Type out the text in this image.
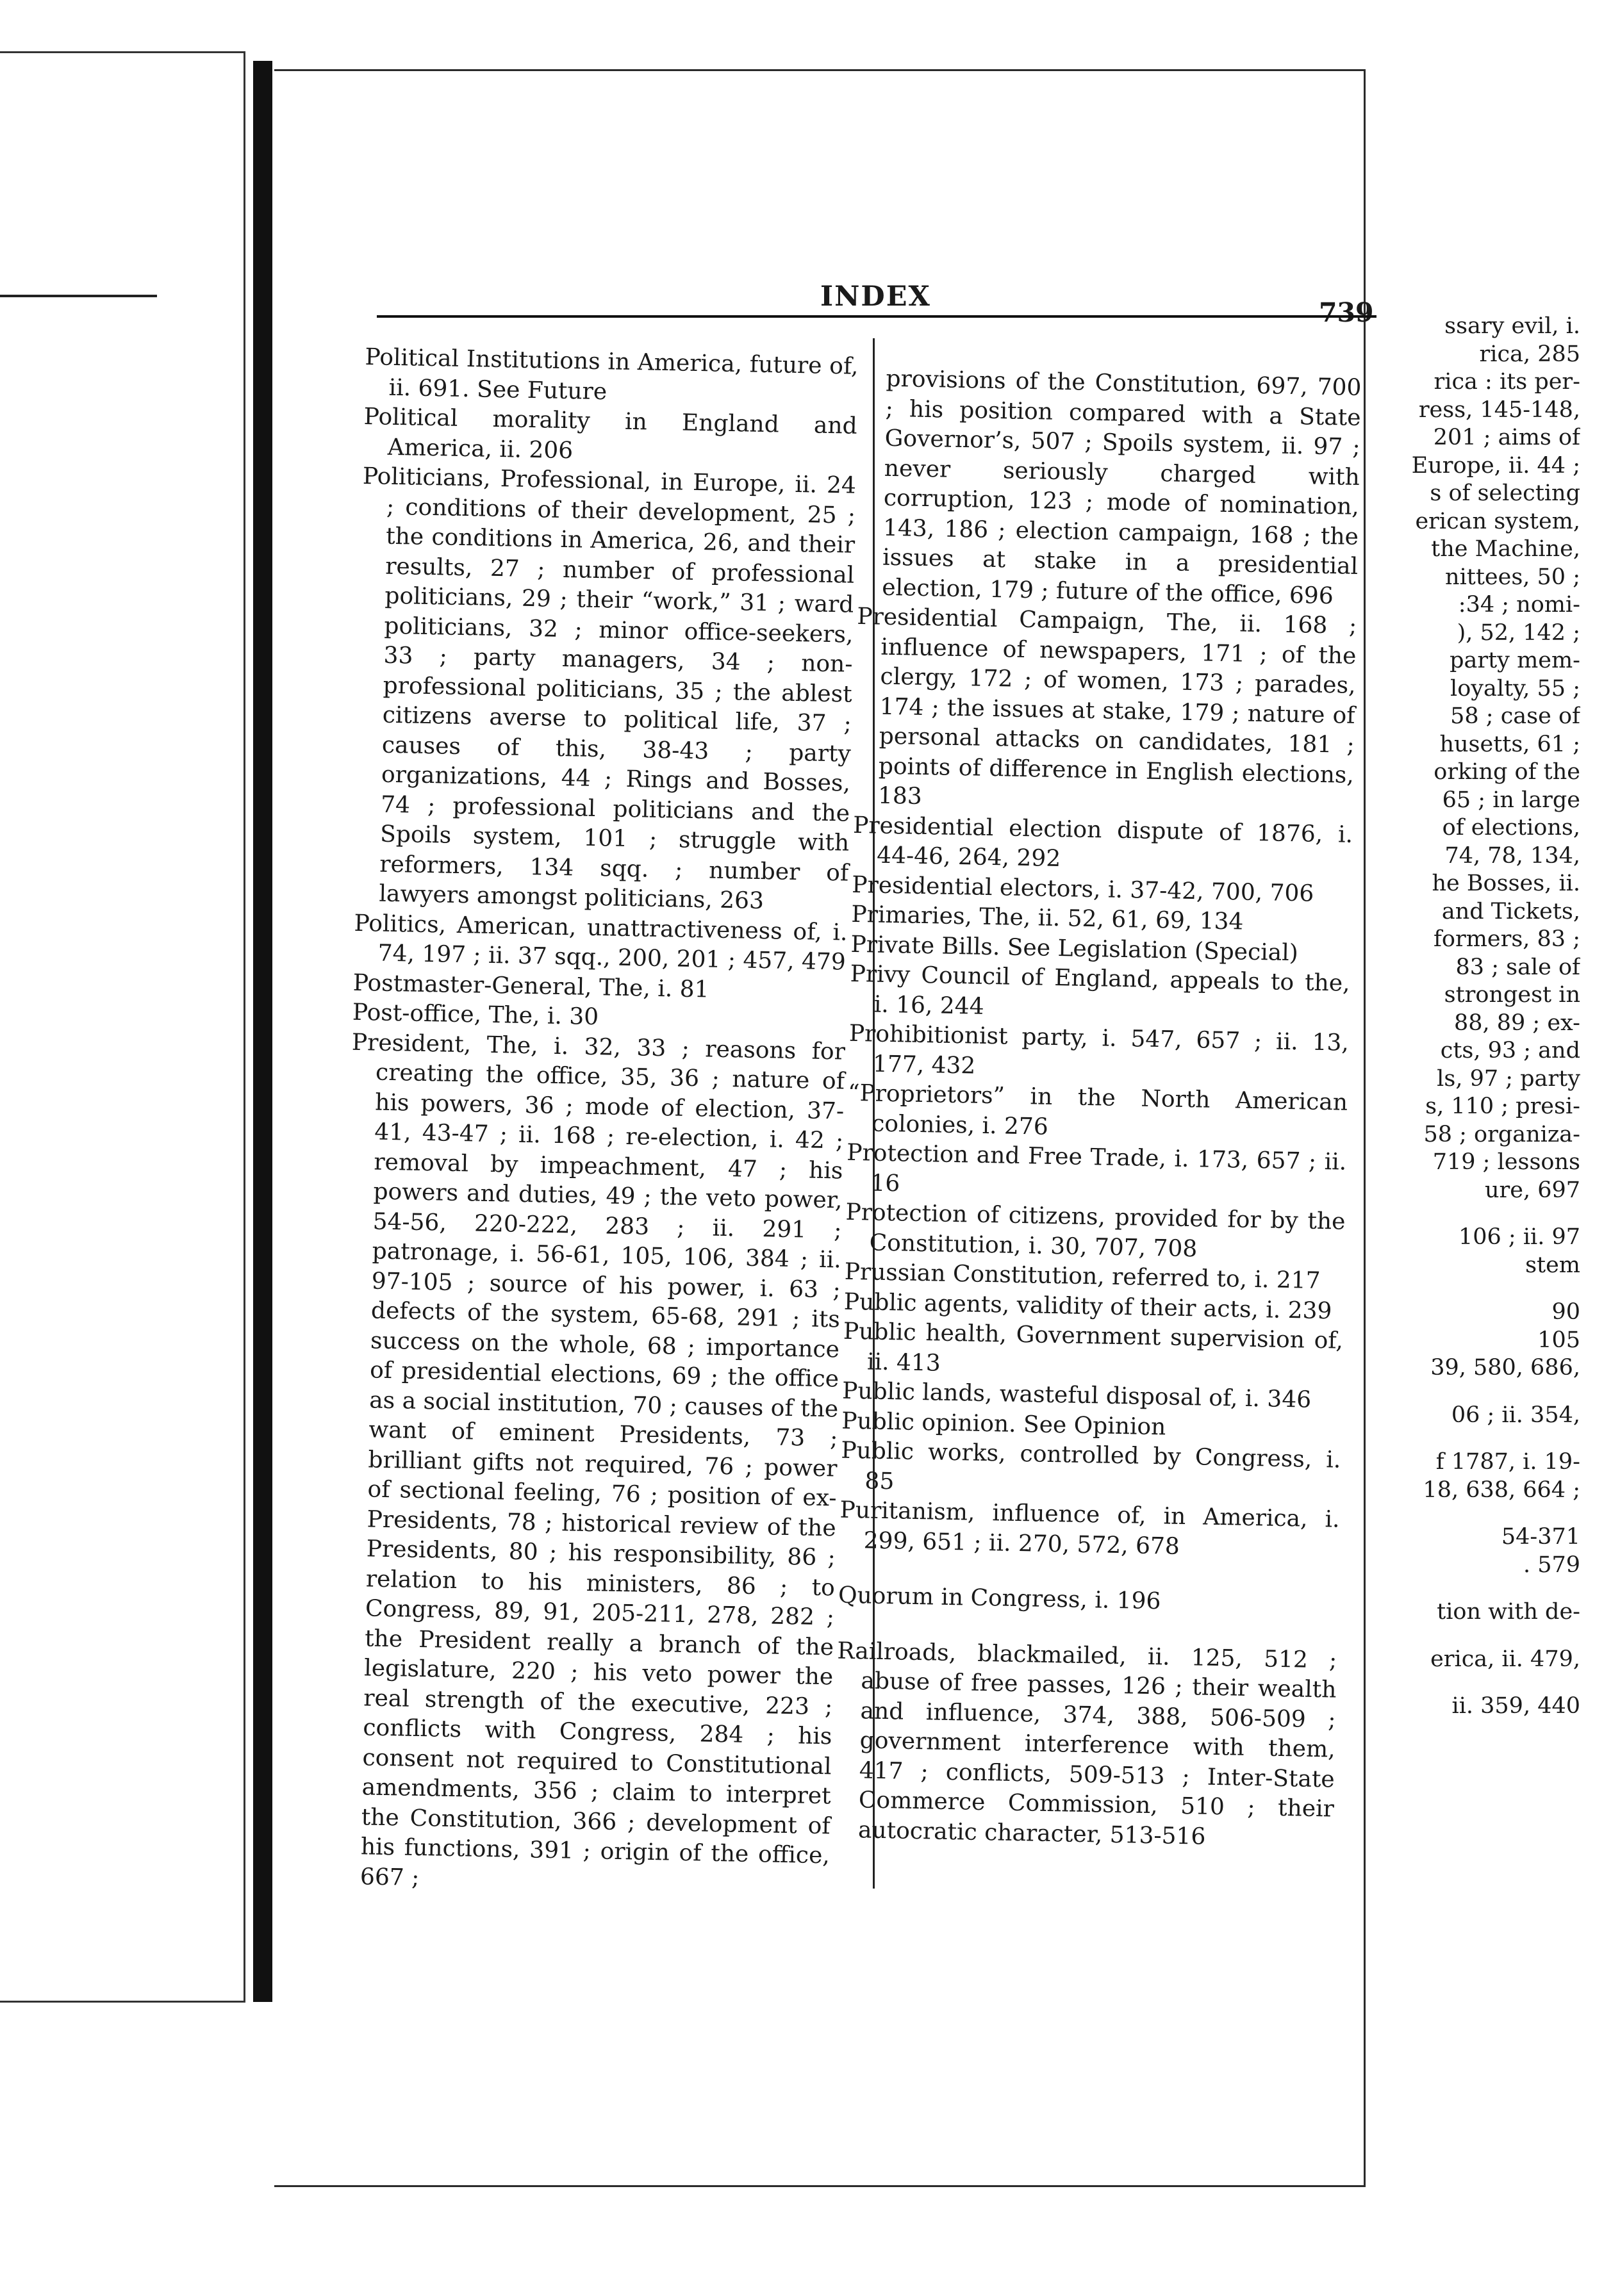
ssary evil, i.
rica, 285
rica : its per-
ress, 145-148,
201 ; aims of
Europe, ii. 44 ;
s of selecting
erican system,
the Machine,
nittees, 50 ;
:34 ; nomi-
), 52, 142 ;
party mem-
loyalty, 55 ;
58 ; case of
husetts, 61 ;
orking of the
65 ; in large
of elections,
74, 78, 134,
he Bosses, ii.
and Tickets,
formers, 83 ;
83 ; sale of
strongest in
88, 89 ; ex-
cts, 93 ; and
ls, 97 ; party
s, 110 ; presi-
58 ; organiza-
719 ; lessons
ure, 697
106 ; ii. 97
stem
90
105
39, 580, 686,
06 ; ii. 354,
f 1787, i. 19-
18, 638, 664 ;
54-371
. 579
tion with de-
erica, ii. 479,
ii. 359, 440
INDEX	739
Political Institutions in America, future of, ii. 691. See Future
Political morality in England and America, ii. 206
Politicians, Professional, in Europe, ii. 24 ; conditions of their development, 25 ; the conditions in America, 26, and their results, 27 ; number of professional politicians, 29 ; their “work,” 31 ; ward politicians, 32 ; minor office-seekers, 33 ; party managers, 34 ; non-professional politicians, 35 ; the ablest citizens averse to political life, 37 ; causes of this, 38-43 ; party organizations, 44 ; Rings and Bosses, 74 ; professional politicians and the Spoils system, 101 ; struggle with reformers, 134 sqq. ; number of lawyers amongst politicians, 263
Politics, American, unattractiveness of, i. 74, 197 ; ii. 37 sqq., 200, 201 ; 457, 479
Postmaster-General, The, i. 81
Post-office, The, i. 30
President, The, i. 32, 33 ; reasons for creating the office, 35, 36 ; nature of his powers, 36 ; mode of election, 37-41, 43-47 ; ii. 168 ; re-election, i. 42 ; removal by impeachment, 47 ; his powers and duties, 49 ; the veto power, 54-56, 220-222, 283 ; ii. 291 ; patronage, i. 56-61, 105, 106, 384 ; ii. 97-105 ; source of his power, i. 63 ; defects of the system, 65-68, 291 ; its success on the whole, 68 ; importance of presidential elections, 69 ; the office as a social institution, 70 ; causes of the want of eminent Presidents, 73 ; brilliant gifts not required, 76 ; power of sectional feeling, 76 ; position of ex-Presidents, 78 ; historical review of the Presidents, 80 ; his responsibility, 86 ; relation to his ministers, 86 ; to Congress, 89, 91, 205-211, 278, 282 ; the President really a branch of the legislature, 220 ; his veto power the real strength of the executive, 223 ; conflicts with Congress, 284 ; his consent not required to Constitutional amendments, 356 ; claim to interpret the Constitution, 366 ; development of his functions, 391 ; origin of the office, 667 ;
provisions of the Constitution, 697, 700 ; his position compared with a State Governor’s, 507 ; Spoils system, ii. 97 ; never seriously charged with corruption, 123 ; mode of nomination, 143, 186 ; election campaign, 168 ; the issues at stake in a presidential election, 179 ; future of the office, 696
Presidential Campaign, The, ii. 168 ; influence of newspapers, 171 ; of the clergy, 172 ; of women, 173 ; parades, 174 ; the issues at stake, 179 ; nature of personal attacks on candidates, 181 ; points of difference in English elections, 183
Presidential election dispute of 1876, i. 44-46, 264, 292
Presidential electors, i. 37-42, 700, 706
Primaries, The, ii. 52, 61, 69, 134
Private Bills. See Legislation (Special)
Privy Council of England, appeals to the, i. 16, 244
Prohibitionist party, i. 547, 657 ; ii. 13, 177, 432
“Proprietors” in the North American colonies, i. 276
Protection and Free Trade, i. 173, 657 ; ii. 16
Protection of citizens, provided for by the Constitution, i. 30, 707, 708
Prussian Constitution, referred to, i. 217
Public agents, validity of their acts, i. 239
Public health, Government supervision of, ii. 413
Public lands, wasteful disposal of, i. 346
Public opinion. See Opinion
Public works, controlled by Congress, i. 85
Puritanism, influence of, in America, i. 299, 651 ; ii. 270, 572, 678
Quorum in Congress, i. 196
Railroads, blackmailed, ii. 125, 512 ; abuse of free passes, 126 ; their wealth and influence, 374, 388, 506-509 ; government interference with them, 417 ; conflicts, 509-513 ; Inter-State Commerce Commission, 510 ; their autocratic character, 513-516
